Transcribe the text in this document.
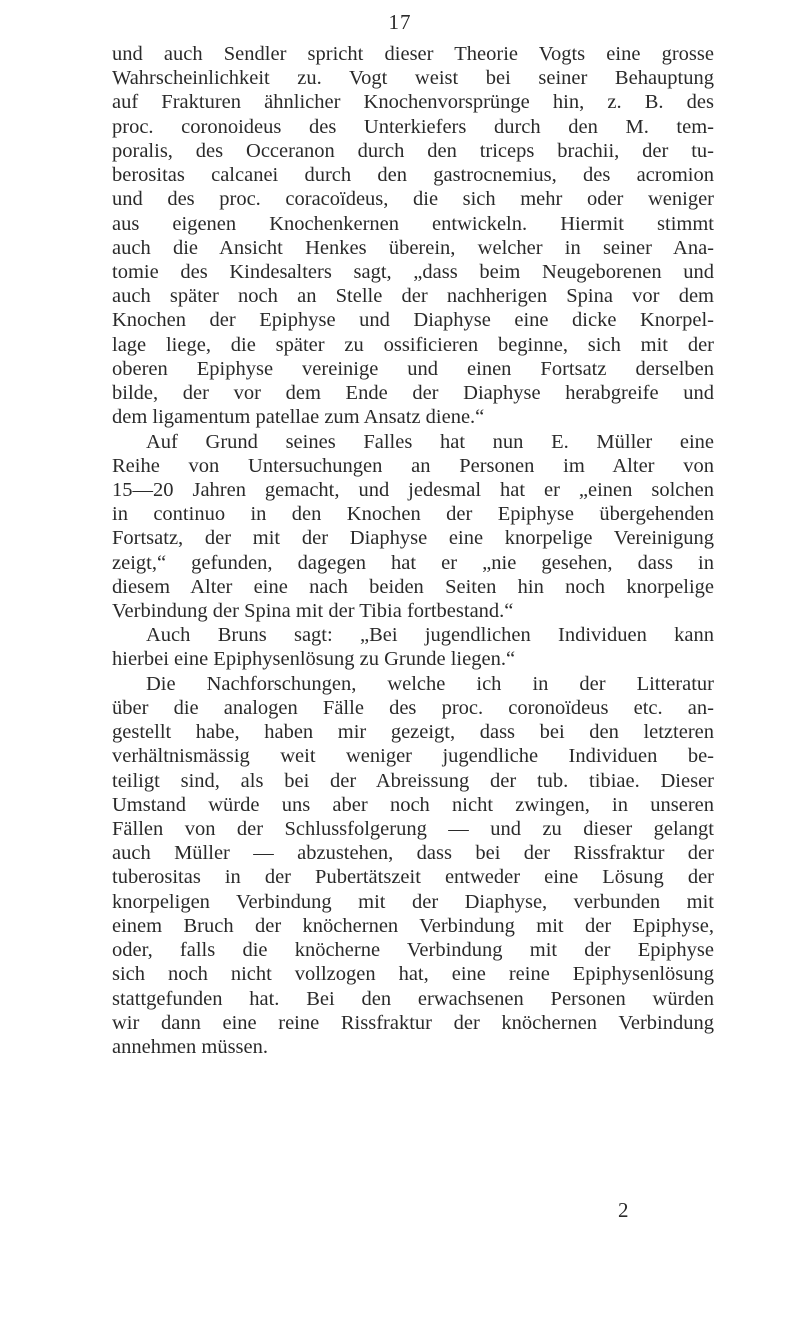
17
und auch Sendler spricht dieser Theorie Vogts eine grosse
Wahrscheinlichkeit zu. Vogt weist bei seiner Behauptung
auf Frakturen ähnlicher Knochenvorsprünge hin, z. B. des
proc. coronoideus des Unterkiefers durch den M. tem-
poralis, des Occeranon durch den triceps brachii, der tu-
berositas calcanei durch den gastrocnemius, des acromion
und des proc. coracoïdeus, die sich mehr oder weniger
aus eigenen Knochenkernen entwickeln. Hiermit stimmt
auch die Ansicht Henkes überein, welcher in seiner Ana-
tomie des Kindesalters sagt, „dass beim Neugeborenen und
auch später noch an Stelle der nachherigen Spina vor dem
Knochen der Epiphyse und Diaphyse eine dicke Knorpel-
lage liege, die später zu ossificieren beginne, sich mit der
oberen Epiphyse vereinige und einen Fortsatz derselben
bilde, der vor dem Ende der Diaphyse herabgreife und
dem ligamentum patellae zum Ansatz diene.“
Auf Grund seines Falles hat nun E. Müller eine
Reihe von Untersuchungen an Personen im Alter von
15—20 Jahren gemacht, und jedesmal hat er „einen solchen
in continuo in den Knochen der Epiphyse übergehenden
Fortsatz, der mit der Diaphyse eine knorpelige Vereinigung
zeigt,“ gefunden, dagegen hat er „nie gesehen, dass in
diesem Alter eine nach beiden Seiten hin noch knorpelige
Verbindung der Spina mit der Tibia fortbestand.“
Auch Bruns sagt: „Bei jugendlichen Individuen kann
hierbei eine Epiphysenlösung zu Grunde liegen.“
Die Nachforschungen, welche ich in der Litteratur
über die analogen Fälle des proc. coronoïdeus etc. an-
gestellt habe, haben mir gezeigt, dass bei den letzteren
verhältnismässig weit weniger jugendliche Individuen be-
teiligt sind, als bei der Abreissung der tub. tibiae. Dieser
Umstand würde uns aber noch nicht zwingen, in unseren
Fällen von der Schlussfolgerung — und zu dieser gelangt
auch Müller — abzustehen, dass bei der Rissfraktur der
tuberositas in der Pubertätszeit entweder eine Lösung der
knorpeligen Verbindung mit der Diaphyse, verbunden mit
einem Bruch der knöchernen Verbindung mit der Epiphyse,
oder, falls die knöcherne Verbindung mit der Epiphyse
sich noch nicht vollzogen hat, eine reine Epiphysenlösung
stattgefunden hat. Bei den erwachsenen Personen würden
wir dann eine reine Rissfraktur der knöchernen Verbindung
annehmen müssen.
2
